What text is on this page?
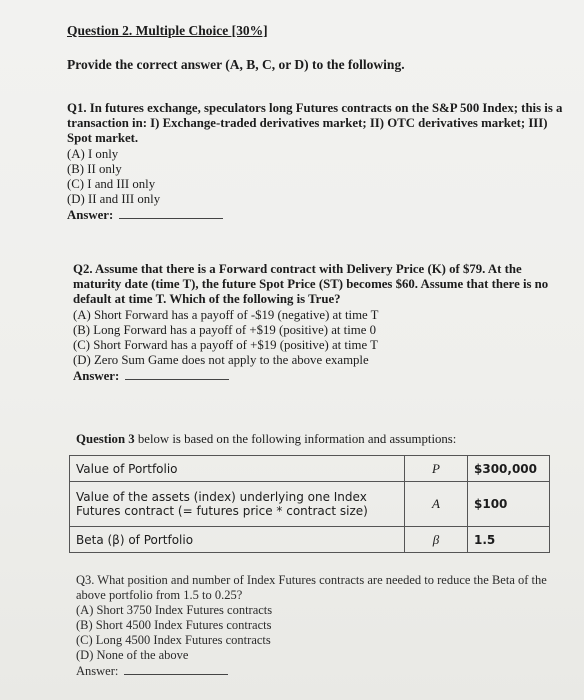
Question 2. Multiple Choice [30%]
Provide the correct answer (A, B, C, or D) to the following.
Q1. In futures exchange, speculators long Futures contracts on the S&P 500 Index; this is a transaction in: I) Exchange-traded derivatives market; II) OTC derivatives market; III) Spot market.
(A) I only
(B) II only
(C) I and III only
(D) II and III only
Answer:
Q2. Assume that there is a Forward contract with Delivery Price (K) of $79. At the maturity date (time T), the future Spot Price (ST) becomes $60. Assume that there is no default at time T. Which of the following is True?
(A) Short Forward has a payoff of -$19 (negative) at time T
(B) Long Forward has a payoff of +$19 (positive) at time 0
(C) Short Forward has a payoff of +$19 (positive) at time T
(D) Zero Sum Game does not apply to the above example
Answer:
Question 3 below is based on the following information and assumptions:
Value of Portfolio	P	$300,000
Value of the assets (index) underlying one Index Futures contract (= futures price * contract size)	A	$100
Beta (β) of Portfolio	β	1.5
Q3. What position and number of Index Futures contracts are needed to reduce the Beta of the above portfolio from 1.5 to 0.25?
(A) Short 3750 Index Futures contracts
(B) Short 4500 Index Futures contracts
(C) Long 4500 Index Futures contracts
(D) None of the above
Answer:
